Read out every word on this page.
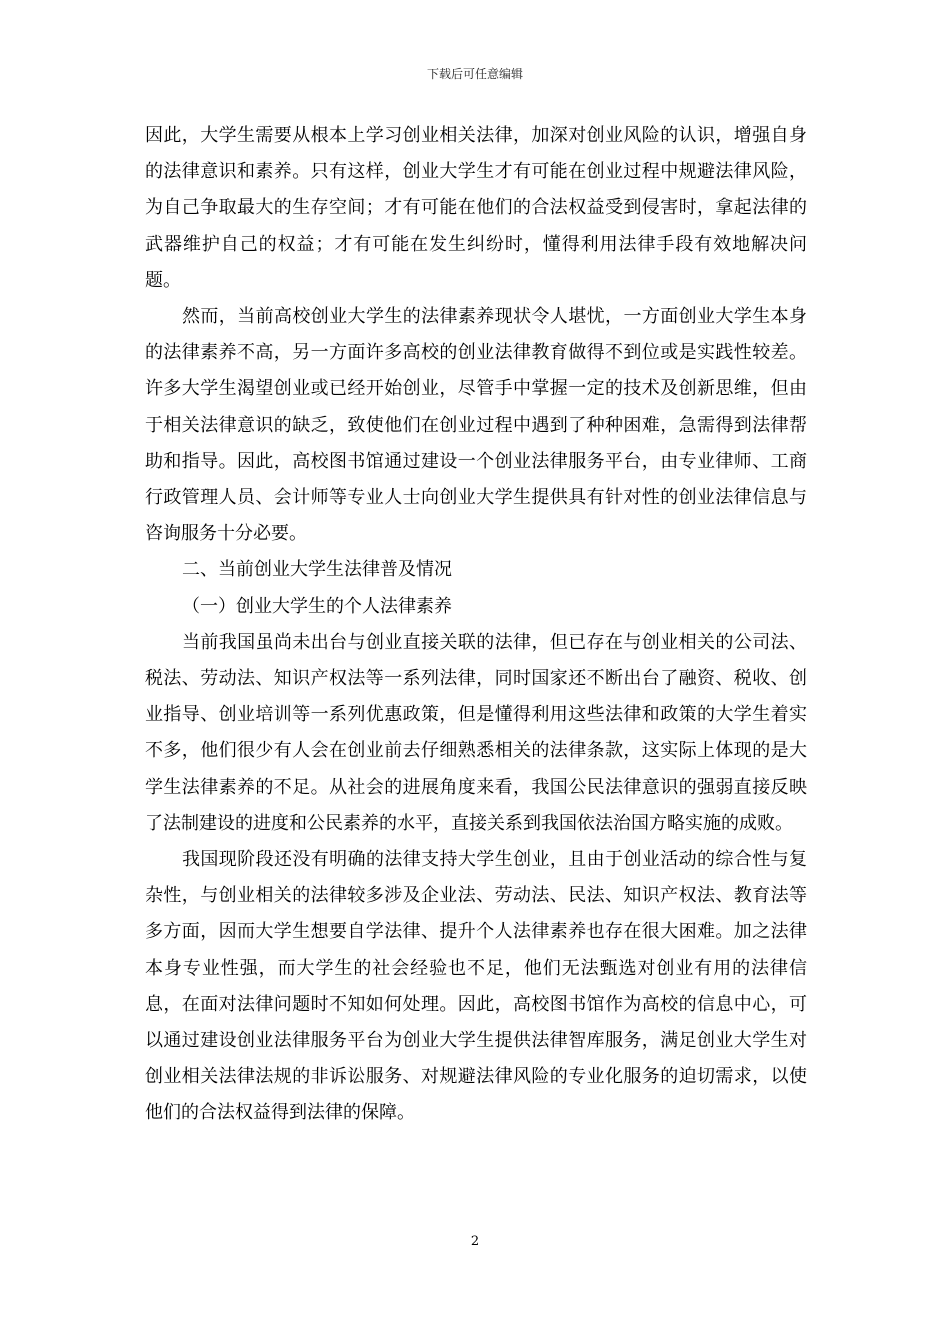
下载后可任意编辑

因此，大学生需要从根本上学习创业相关法律，加深对创业风险的认识，增强自身的法律意识和素养。只有这样，创业大学生才有可能在创业过程中规避法律风险，为自己争取最大的生存空间；才有可能在他们的合法权益受到侵害时，拿起法律的武器维护自己的权益；才有可能在发生纠纷时，懂得利用法律手段有效地解决问题。

然而，当前高校创业大学生的法律素养现状令人堪忧，一方面创业大学生本身的法律素养不高，另一方面许多高校的创业法律教育做得不到位或是实践性较差。许多大学生渴望创业或已经开始创业，尽管手中掌握一定的技术及创新思维，但由于相关法律意识的缺乏，致使他们在创业过程中遇到了种种困难，急需得到法律帮助和指导。因此，高校图书馆通过建设一个创业法律服务平台，由专业律师、工商行政管理人员、会计师等专业人士向创业大学生提供具有针对性的创业法律信息与咨询服务十分必要。

二、当前创业大学生法律普及情况

（一）创业大学生的个人法律素养

当前我国虽尚未出台与创业直接关联的法律，但已存在与创业相关的公司法、税法、劳动法、知识产权法等一系列法律，同时国家还不断出台了融资、税收、创业指导、创业培训等一系列优惠政策，但是懂得利用这些法律和政策的大学生着实不多，他们很少有人会在创业前去仔细熟悉相关的法律条款，这实际上体现的是大学生法律素养的不足。从社会的进展角度来看，我国公民法律意识的强弱直接反映了法制建设的进度和公民素养的水平，直接关系到我国依法治国方略实施的成败。

我国现阶段还没有明确的法律支持大学生创业，且由于创业活动的综合性与复杂性，与创业相关的法律较多涉及企业法、劳动法、民法、知识产权法、教育法等多方面，因而大学生想要自学法律、提升个人法律素养也存在很大困难。加之法律本身专业性强，而大学生的社会经验也不足，他们无法甄选对创业有用的法律信息，在面对法律问题时不知如何处理。因此，高校图书馆作为高校的信息中心，可以通过建设创业法律服务平台为创业大学生提供法律智库服务，满足创业大学生对创业相关法律法规的非诉讼服务、对规避法律风险的专业化服务的迫切需求，以使他们的合法权益得到法律的保障。

2
